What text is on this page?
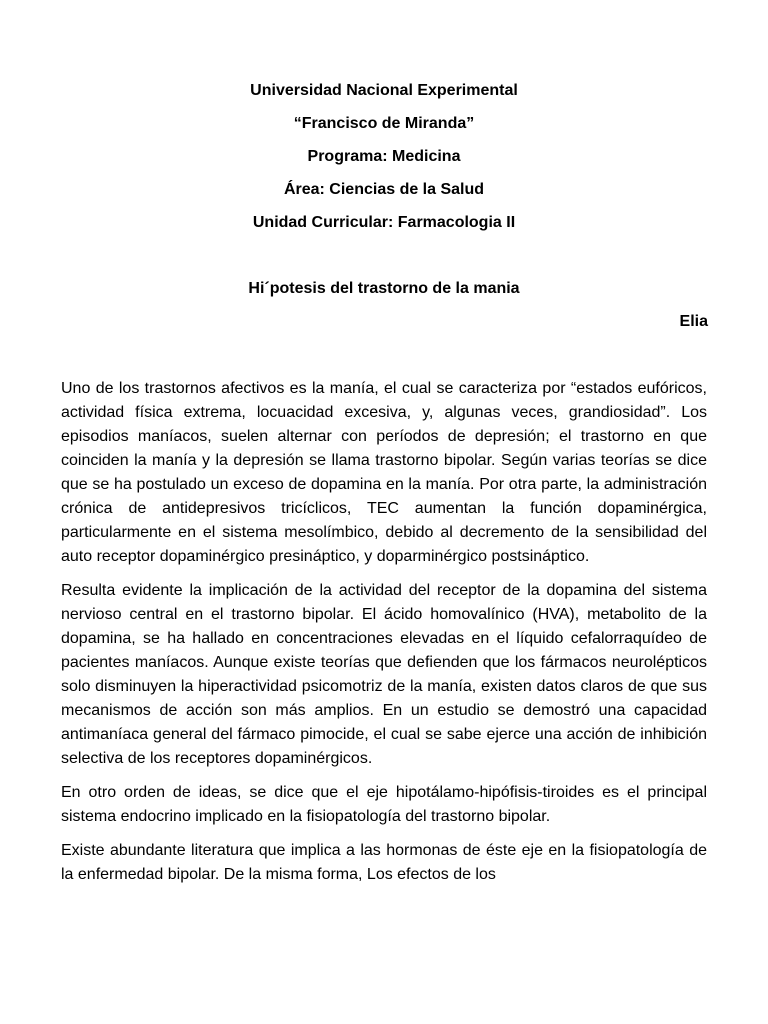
Universidad Nacional Experimental
“Francisco de Miranda”
Programa: Medicina
Área: Ciencias de la Salud
Unidad Curricular: Farmacologia II
Hi´potesis del trastorno de la mania
Elia

Uno de los trastornos afectivos es la manía, el cual se caracteriza por “estados eufóricos, actividad física extrema, locuacidad excesiva, y, algunas veces, grandiosidad”. Los episodios maníacos, suelen alternar con períodos de depresión; el trastorno en que coinciden la manía y la depresión se llama trastorno bipolar. Según varias teorías se dice que se ha postulado un exceso de dopamina en la manía. Por otra parte, la administración crónica de antidepresivos tricíclicos, TEC aumentan la función dopaminérgica, particularmente en el sistema mesolímbico, debido al decremento de la sensibilidad del auto receptor dopaminérgico presináptico, y doparminérgico postsináptico.

Resulta evidente la implicación de la actividad del receptor de la dopamina del sistema nervioso central en el trastorno bipolar. El ácido homovalínico (HVA), metabolito de la dopamina, se ha hallado en concentraciones elevadas en el líquido cefalorraquídeo de pacientes maníacos. Aunque existe teorías que defienden que los fármacos neurolépticos solo disminuyen la hiperactividad psicomotriz de la manía, existen datos claros de que sus mecanismos de acción son más amplios. En un estudio se demostró una capacidad antimaníaca general del fármaco pimocide, el cual se sabe ejerce una acción de inhibición selectiva de los receptores dopaminérgicos.

En otro orden de ideas, se dice que el eje hipotálamo-hipófisis-tiroides es el principal sistema endocrino implicado en la fisiopatología del trastorno bipolar.

Existe abundante literatura que implica a las hormonas de éste eje en la fisiopatología de la enfermedad bipolar. De la misma forma, Los efectos de los
